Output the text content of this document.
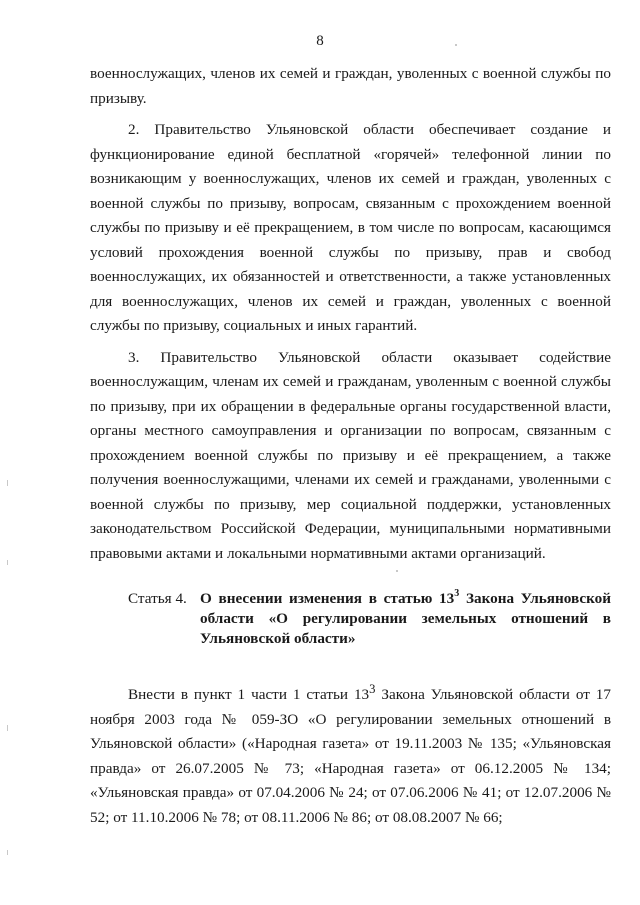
8

военнослужащих, членов их семей и граждан, уволенных с военной службы по призыву.

2. Правительство Ульяновской области обеспечивает создание и функционирование единой бесплатной «горячей» телефонной линии по возникающим у военнослужащих, членов их семей и граждан, уволенных с военной службы по призыву, вопросам, связанным с прохождением военной службы по призыву и её прекращением, в том числе по вопросам, касающимся условий прохождения военной службы по призыву, прав и свобод военнослужащих, их обязанностей и ответственности, а также установленных для военнослужащих, членов их семей и граждан, уволенных с военной службы по призыву, социальных и иных гарантий.

3. Правительство Ульяновской области оказывает содействие военнослужащим, членам их семей и гражданам, уволенным с военной службы по призыву, при их обращении в федеральные органы государственной власти, органы местного самоуправления и организации по вопросам, связанным с прохождением военной службы по призыву и её прекращением, а также получения военнослужащими, членами их семей и гражданами, уволенными с военной службы по призыву, мер социальной поддержки, установленных законодательством Российской Федерации, муниципальными нормативными правовыми актами и локальными нормативными актами организаций.

Статья 4. О внесении изменения в статью $13^3$ Закона Ульяновской области «О регулировании земельных отношений в Ульяновской области»

Внести в пункт 1 части 1 статьи $13^3$ Закона Ульяновской области от 17 ноября 2003 года № 059-ЗО «О регулировании земельных отношений в Ульяновской области» («Народная газета» от 19.11.2003 № 135; «Ульяновская правда» от 26.07.2005 № 73; «Народная газета» от 06.12.2005 № 134; «Ульяновская правда» от 07.04.2006 № 24; от 07.06.2006 № 41; от 12.07.2006 № 52; от 11.10.2006 № 78; от 08.11.2006 № 86; от 08.08.2007 № 66;
